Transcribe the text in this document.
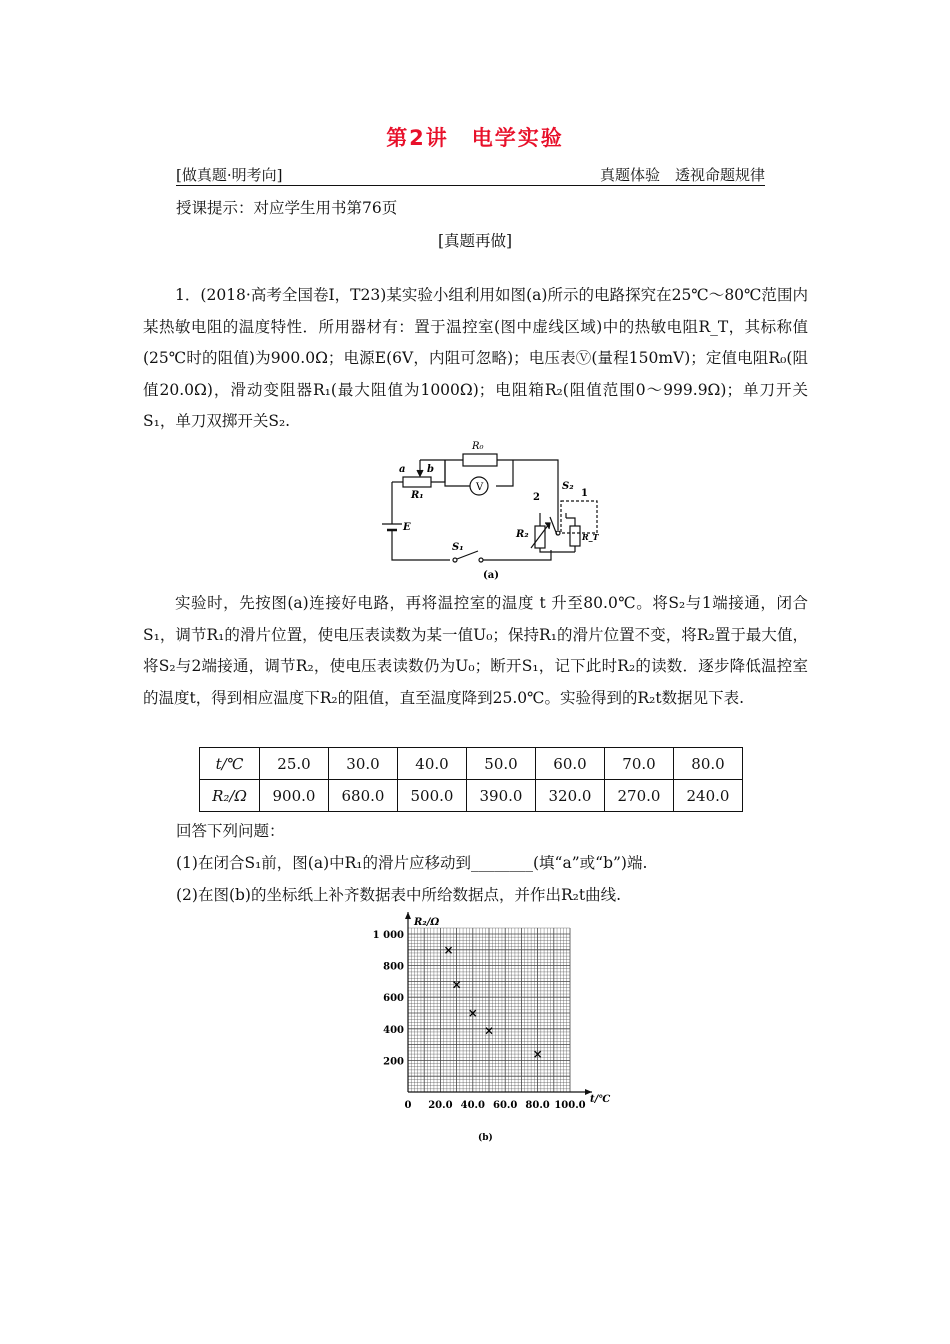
第2讲　电学实验
[做真题·明考向]	真题体验　透视命题规律
授课提示：对应学生用书第76页
[真题再做]
1．(2018·高考全国卷Ⅰ，T23)某实验小组利用如图(a)所示的电路探究在25℃～80℃范围内某热敏电阻的温度特性．所用器材有：置于温控室(图中虚线区域)中的热敏电阻R_T，其标称值(25℃时的阻值)为900.0Ω；电源E(6V，内阻可忽略)；电压表Ⓥ(量程150mV)；定值电阻R₀(阻值20.0Ω)，滑动变阻器R₁(最大阻值为1000Ω)；电阻箱R₂(阻值范围0～999.9Ω)；单刀开关S₁，单刀双掷开关S₂.
R₀
V
a b
R₁
S₂
1
2
R₂	R_T
E
S₁
(a)
实验时，先按图(a)连接好电路，再将温控室的温度 t 升至80.0℃。将S₂与1端接通，闭合S₁，调节R₁的滑片位置，使电压表读数为某一值U₀；保持R₁的滑片位置不变，将R₂置于最大值，将S₂与2端接通，调节R₂，使电压表读数仍为U₀；断开S₁，记下此时R₂的读数．逐步降低温控室的温度t，得到相应温度下R₂的阻值，直至温度降到25.0℃。实验得到的R₂t数据见下表.
t/℃	25.0	30.0	40.0	50.0	60.0	70.0	80.0
R₂/Ω	900.0	680.0	500.0	390.0	320.0	270.0	240.0
回答下列问题：
(1)在闭合S₁前，图(a)中R₁的滑片应移动到________(填“a”或“b”)端.
(2)在图(b)的坐标纸上补齐数据表中所给数据点，并作出R₂t曲线.
0 20.0 40.0 60.0 80.0 100.0
200
400
600
800
1 000
×
×
×
×
×
R₂/Ω
t/℃
(b)
